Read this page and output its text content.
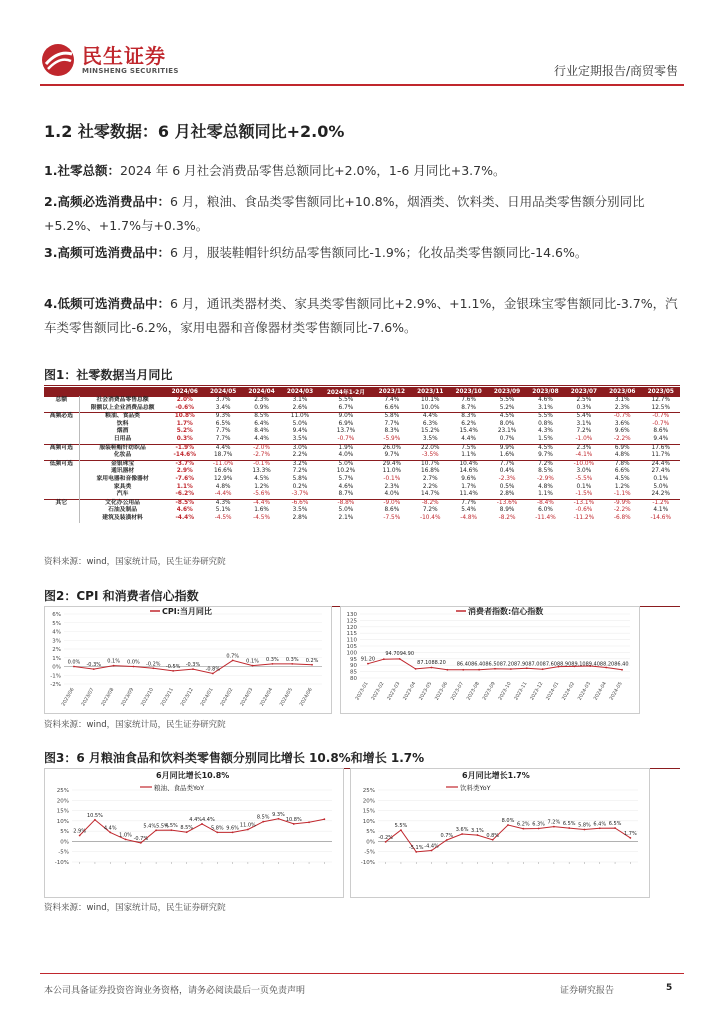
民生证券
MINSHENG SECURITIES	行业定期报告/商贸零售
1.2 社零数据：6 月社零总额同比+2.0%
1.社零总额：2024 年 6 月社会消费品零售总额同比+2.0%，1-6 月同比+3.7%。
2.高频必选消费品中：6 月，粮油、食品类零售额同比+10.8%，烟酒类、饮料类、日用品类零售额分别同比+5.2%、+1.7%与+0.3%。
3.高频可选消费品中：6 月，服装鞋帽针织纺品零售额同比-1.9%；化妆品类零售额同比-14.6%。
4.低频可选消费品中：6 月，通讯类器材类、家具类零售额同比+2.9%、+1.1%，金银珠宝零售额同比-3.7%，汽车类零售额同比-6.2%，家用电器和音像器材类零售额同比-7.6%。
图1：社零数据当月同比
		2024/06	2024/05	2024/04	2024/03	2024年1-2月	2023/12	2023/11	2023/10	2023/09	2023/08	2023/07	2023/06	2023/05
总额	社会消费品零售总额	2.0%	3.7%	2.3%	3.1%	5.5%	7.4%	10.1%	7.6%	5.5%	4.6%	2.5%	3.1%	12.7%
	限额以上企业消费品总额	-0.6%	3.4%	0.9%	2.6%	6.7%	6.6%	10.0%	8.7%	5.2%	3.1%	0.3%	2.3%	12.5%
高频必选	粮油、食品类	10.8%	9.3%	8.5%	11.0%	9.0%	5.8%	4.4%	8.3%	4.5%	5.5%	5.4%	-0.7%	-0.7%
	饮料	1.7%	6.5%	6.4%	5.0%	6.9%	7.7%	6.3%	6.2%	8.0%	0.8%	3.1%	3.6%	-0.7%
	烟酒	5.2%	7.7%	8.4%	9.4%	13.7%	8.3%	15.2%	15.4%	23.1%	4.3%	7.2%	9.6%	8.6%
	日用品	0.3%	7.7%	4.4%	3.5%	-0.7%	-5.9%	3.5%	4.4%	0.7%	1.5%	-1.0%	-2.2%	9.4%
高频可选	服装鞋帽针纺织品	-1.9%	4.4%	-2.0%	3.0%	1.9%	26.0%	22.0%	7.5%	9.9%	4.5%	2.3%	6.9%	17.6%
	化妆品	-14.6%	18.7%	-2.7%	2.2%	4.0%	9.7%	-3.5%	1.1%	1.6%	9.7%	-4.1%	4.8%	11.7%
低频可选	金银珠宝	-3.7%	-11.0%	-0.1%	3.2%	5.0%	29.4%	10.7%	10.4%	7.7%	7.2%	-10.0%	7.8%	24.4%
	通讯器材	2.9%	16.6%	13.3%	7.2%	10.2%	11.0%	16.8%	14.6%	0.4%	8.5%	3.0%	6.6%	27.4%
	家用电器和音像器材	-7.6%	12.9%	4.5%	5.8%	5.7%	-0.1%	2.7%	9.6%	-2.3%	-2.9%	-5.5%	4.5%	0.1%
	家具类	1.1%	4.8%	1.2%	0.2%	4.6%	2.3%	2.2%	1.7%	0.5%	4.8%	0.1%	1.2%	5.0%
	汽车	-6.2%	-4.4%	-5.6%	-3.7%	8.7%	4.0%	14.7%	11.4%	2.8%	1.1%	-1.5%	-1.1%	24.2%
其它	文化办公用品	-8.5%	4.3%	-4.4%	-6.6%	-8.8%	-9.0%	-8.2%	7.7%	-13.6%	-8.4%	-13.1%	-9.9%	-1.2%
	石油及制品	4.6%	5.1%	1.6%	3.5%	5.0%	8.6%	7.2%	5.4%	8.9%	6.0%	-0.6%	-2.2%	4.1%
	建筑及装潢材料	-4.4%	-4.5%	-4.5%	2.8%	2.1%	-7.5%	-10.4%	-4.8%	-8.2%	-11.4%	-11.2%	-6.8%	-14.6%
资料来源：wind，国家统计局，民生证券研究院
图2：CPI 和消费者信心指数
6%
5%
4%
3%
2%
1%
0%
-1%
-2%
CPI:当月同比
0.0% -0.3%
0.1% 0.0% -0.2% -0.5% -0.3%
-0.8%
0.7%
0.1% 0.3% 0.3% 0.2%
2023/06 2023/07 2023/08 2023/09 2023/10 2023/11 2023/12 2024/01 2024/02 2024/03 2024/04 2024/05 2024/06
130
125
120
115
110
105
100
95
90
85
80
消费者指数:信心指数
91.20
94.7094.90
87.1088.20 86.4086.4086.5087.2087.9087.0087.6088.9089.1089.4088.2086.40
2023-01 2023-02 2023-03 2023-04 2023-05 2023-06 2023-07 2023-08 2023-09 2023-10 2023-11 2023-12 2024-01 2024-02 2024-03 2024-04 2024-05
资料来源：wind，国家统计局，民生证券研究院
图3：6 月粮油食品和饮料类零售额分别同比增长 10.8%和增长 1.7%
25%
20%
15%
10%
5%
0%
-5%
-10%
6月同比增长10.8%
粮油、食品类YoY
2.9%
10.5%
4.4%
1.0%
-0.7%
5.4%5.5%
4.5% 8.5%
4.4%4.4%
5.8% 9.6% 11.0%
8.5% 9.3%
10.8%
25%
20%
15%
10%
5%
0%
-5%
-10%
6月同比增长1.7%
饮料类YoY
-0.2%
5.5%
-5.1% -4.4%
0.7%
3.6% 3.1%
0.8%
8.0%
6.2% 6.3% 7.2% 6.5% 5.8% 6.4% 6.5%
1.7%
资料来源：wind，国家统计局，民生证券研究院
本公司具备证券投资咨询业务资格，请务必阅读最后一页免责声明	证券研究报告	5
